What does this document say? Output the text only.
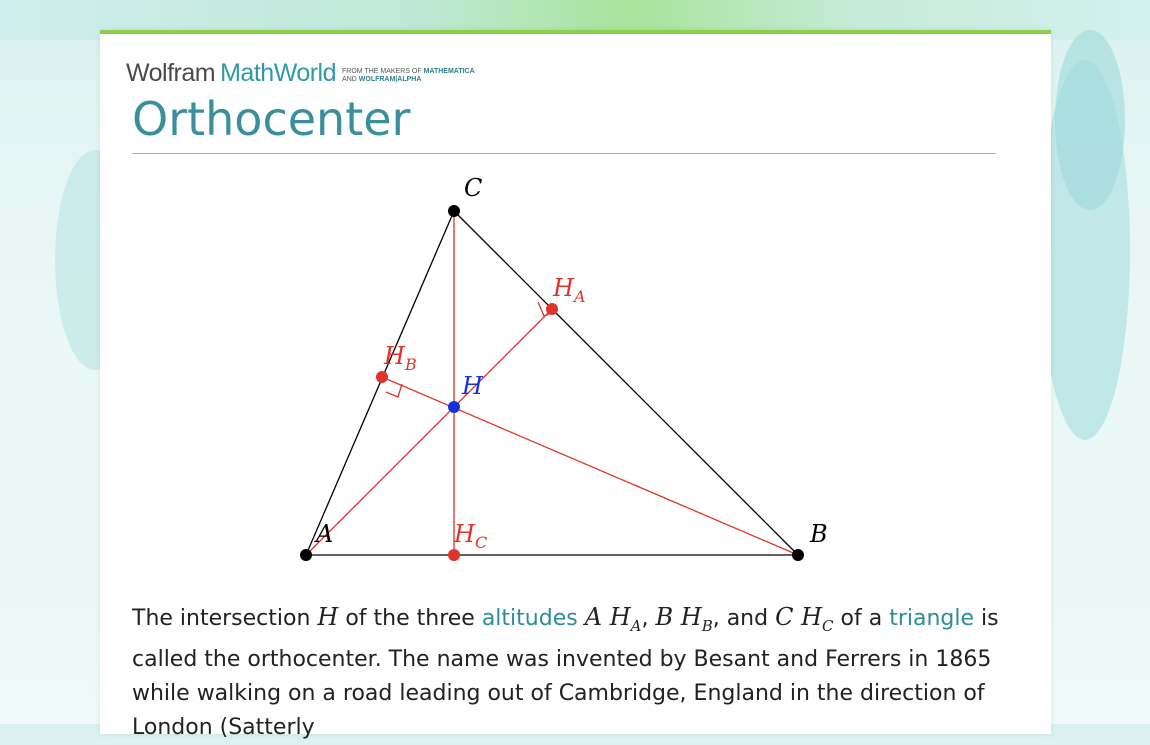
Wolfram MathWorld FROM THE MAKERS OF MATHEMATICA
AND WOLFRAM|ALPHA
Orthocenter
C
A	B
H
$H_A$
$H_B$
$H_C$
The intersection H of the three altitudes A $H_A$, B $H_B$, and C $H_C$ of a triangle is called the orthocenter. The name was invented by Besant and Ferrers in 1865 while walking on a road leading out of Cambridge, England in the direction of London (Satterly
